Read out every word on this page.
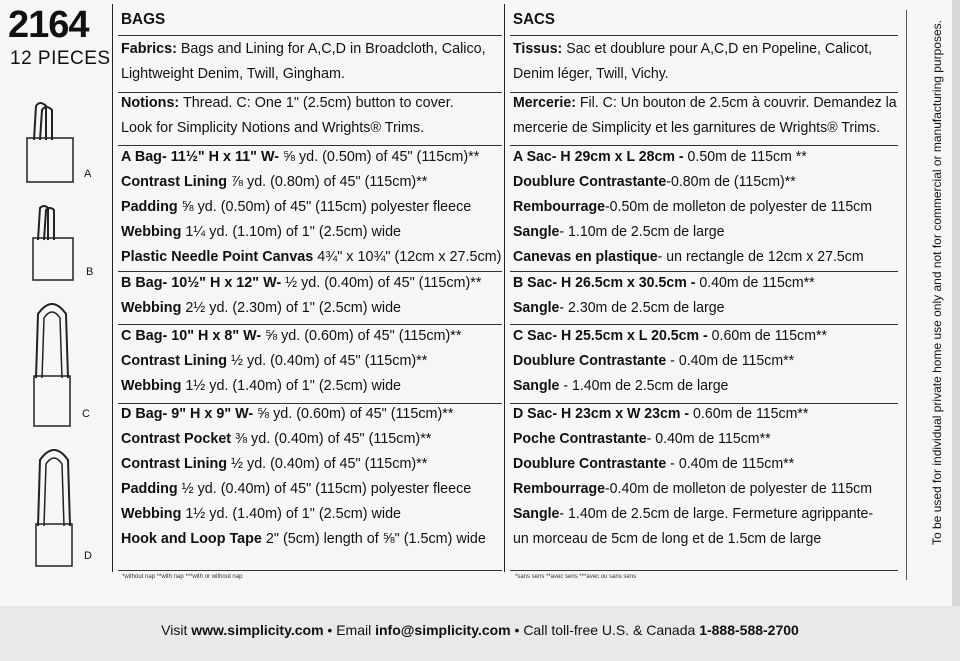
2164
12 PIECES
A
B
C
D
BAGS
Fabrics: Bags and Lining for A,C,D in Broadcloth, Calico,
Lightweight Denim, Twill, Gingham.
Notions: Thread. C: One 1" (2.5cm) button to cover.
Look for Simplicity Notions and Wrights® Trims.
A Bag- 11½" H x 11" W- ⅝ yd. (0.50m) of 45" (115cm)**
Contrast Lining ⅞ yd. (0.80m) of 45" (115cm)**
Padding ⅝ yd. (0.50m) of 45" (115cm) polyester fleece
Webbing 1¼ yd. (1.10m) of 1" (2.5cm) wide
Plastic Needle Point Canvas 4¾" x 10¾" (12cm x 27.5cm)
B Bag- 10½" H x 12" W- ½ yd. (0.40m) of 45" (115cm)**
Webbing 2½ yd. (2.30m) of 1" (2.5cm) wide
C Bag- 10" H x 8" W- ⅝ yd. (0.60m) of 45" (115cm)**
Contrast Lining ½ yd. (0.40m) of 45" (115cm)**
Webbing 1½ yd. (1.40m) of 1" (2.5cm) wide
D Bag- 9" H x 9" W- ⅝ yd. (0.60m) of 45" (115cm)**
Contrast Pocket ⅜ yd. (0.40m) of 45" (115cm)**
Contrast Lining ½ yd. (0.40m) of 45" (115cm)**
Padding ½ yd. (0.40m) of 45" (115cm) polyester fleece
Webbing 1½ yd. (1.40m) of 1" (2.5cm) wide
Hook and Loop Tape 2" (5cm) length of ⅝" (1.5cm) wide
SACS
Tissus: Sac et doublure pour A,C,D en Popeline, Calicot,
Denim léger, Twill, Vichy.
Mercerie: Fil. C: Un bouton de 2.5cm à couvrir. Demandez la
mercerie de Simplicity et les garnitures de Wrights® Trims.
A Sac- H 29cm x L 28cm - 0.50m de 115cm **
Doublure Contrastante-0.80m de (115cm)**
Rembourrage-0.50m de molleton de polyester de 115cm
Sangle- 1.10m de 2.5cm de large
Canevas en plastique- un rectangle de 12cm x 27.5cm
B Sac- H 26.5cm x 30.5cm - 0.40m de 115cm**
Sangle- 2.30m de 2.5cm de large
C Sac- H 25.5cm x L 20.5cm - 0.60m de 115cm**
Doublure Contrastante - 0.40m de 115cm**
Sangle - 1.40m de 2.5cm de large
D Sac- H 23cm x W 23cm - 0.60m de 115cm**
Poche Contrastante- 0.40m de 115cm**
Doublure Contrastante - 0.40m de 115cm**
Rembourrage-0.40m de molleton de polyester de 115cm
Sangle- 1.40m de 2.5cm de large. Fermeture agrippante-
un morceau de 5cm de long et de 1.5cm de large
*without nap **with nap ***with or without nap	*sans sens **avec sens ***avec ou sans sens
To be used for individual private home use only and not for commercial or manufacturing purposes.
Visit www.simplicity.com • Email info@simplicity.com • Call toll-free U.S. & Canada 1-888-588-2700
